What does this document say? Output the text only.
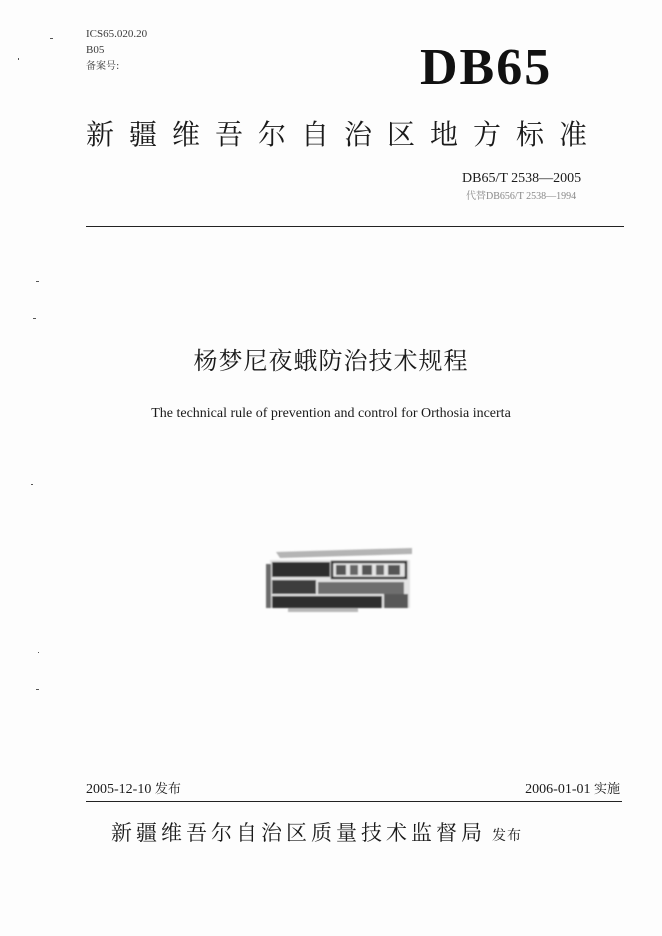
ICS65.020.20
B05
备案号:	DB65
新疆维吾尔自治区地方标准
DB65/T 2538—2005
代替DB656/T 2538—1994
杨梦尼夜蛾防治技术规程
The technical rule of prevention and control for Orthosia incerta
2005-12-10 发布	2006-01-01 实施
新疆维吾尔自治区质量技术监督局 发布
